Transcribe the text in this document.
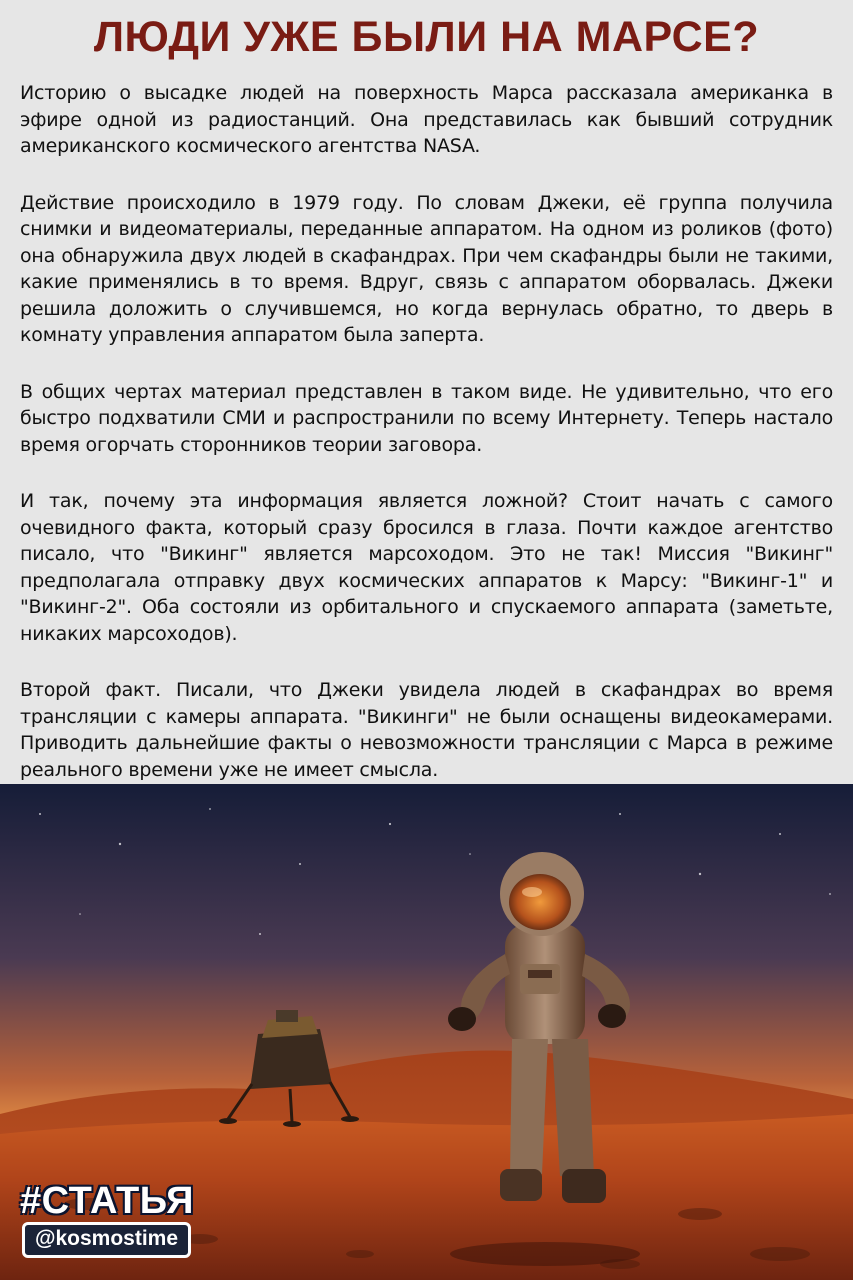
ЛЮДИ УЖЕ БЫЛИ НА МАРСЕ?

Историю о высадке людей на поверхность Марса рассказала американка в эфире одной из радиостанций. Она представилась как бывший сотрудник американского космического агентства NASA.

Действие происходило в 1979 году. По словам Джеки, её группа получила снимки и видеоматериалы, переданные аппаратом. На одном из роликов (фото) она обнаружила двух людей в скафандрах. При чем скафандры были не такими, какие применялись в то время. Вдруг, связь с аппаратом оборвалась. Джеки решила доложить о случившемся, но когда вернулась обратно, то дверь в комнату управления аппаратом была заперта.

В общих чертах материал представлен в таком виде. Не удивительно, что его быстро подхватили СМИ и распространили по всему Интернету. Теперь настало время огорчать сторонников теории заговора.

И так, почему эта информация является ложной? Стоит начать с самого очевидного факта, который сразу бросился в глаза. Почти каждое агентство писало, что "Викинг" является марсоходом. Это не так! Миссия "Викинг" предполагала отправку двух космических аппаратов к Марсу: "Викинг-1" и "Викинг-2". Оба состояли из орбитального и спускаемого аппарата (заметьте, никаких марсоходов).

Второй факт. Писали, что Джеки увидела людей в скафандрах во время трансляции с камеры аппарата. "Викинги" не были оснащены видеокамерами. Приводить дальнейшие факты о невозможности трансляции с Марса в режиме реального времени уже не имеет смысла.

#СТАТЬЯ
@kosmostime
